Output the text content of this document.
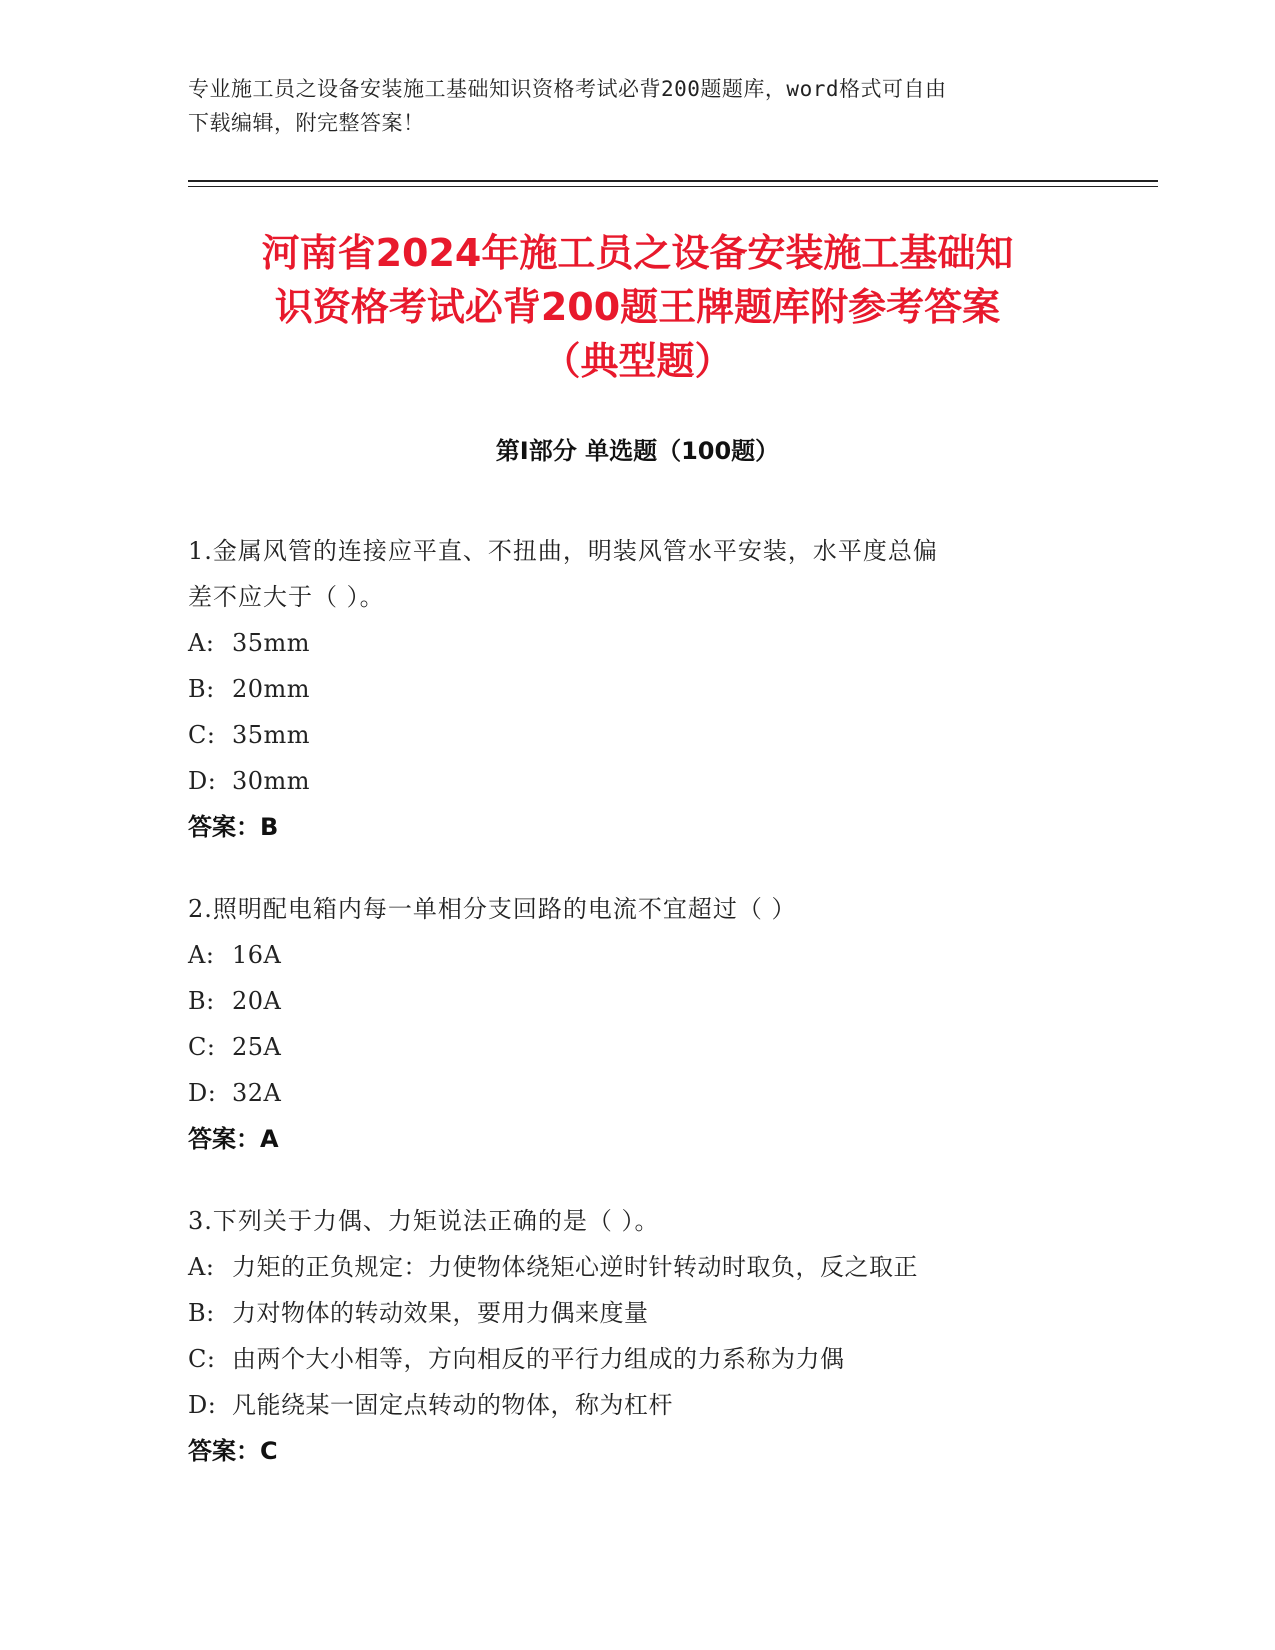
专业施工员之设备安装施工基础知识资格考试必背200题题库，word格式可自由
下载编辑，附完整答案！
河南省2024年施工员之设备安装施工基础知
识资格考试必背200题王牌题库附参考答案
（典型题）
第Ⅰ部分 单选题（100题）
1.金属风管的连接应平直、不扭曲，明装风管水平安装，水平度总偏
差不应大于（ ）。
A: 35mm
B: 20mm
C: 35mm
D: 30mm
答案：B
2.照明配电箱内每一单相分支回路的电流不宜超过（ ）
A: 16A
B: 20A
C: 25A
D: 32A
答案：A
3.下列关于力偶、力矩说法正确的是（ ）。
A: 力矩的正负规定：力使物体绕矩心逆时针转动时取负，反之取正
B: 力对物体的转动效果，要用力偶来度量
C: 由两个大小相等，方向相反的平行力组成的力系称为力偶
D: 凡能绕某一固定点转动的物体，称为杠杆
答案：C
